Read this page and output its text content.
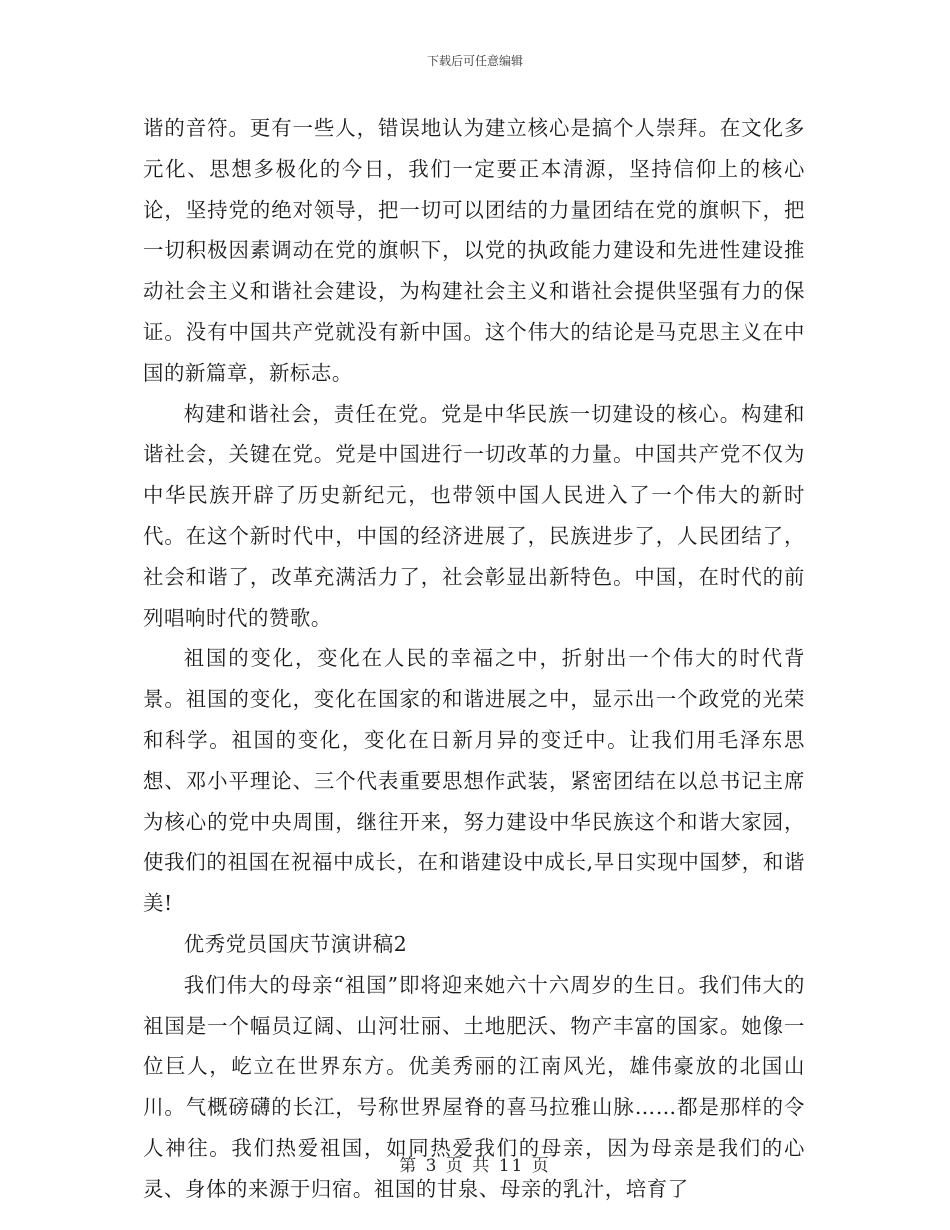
下载后可任意编辑

谐的音符。更有一些人，错误地认为建立核心是搞个人崇拜。在文化多元化、思想多极化的今日，我们一定要正本清源，坚持信仰上的核心论，坚持党的绝对领导，把一切可以团结的力量团结在党的旗帜下，把一切积极因素调动在党的旗帜下，以党的执政能力建设和先进性建设推动社会主义和谐社会建设，为构建社会主义和谐社会提供坚强有力的保证。没有中国共产党就没有新中国。这个伟大的结论是马克思主义在中国的新篇章，新标志。

构建和谐社会，责任在党。党是中华民族一切建设的核心。构建和谐社会，关键在党。党是中国进行一切改革的力量。中国共产党不仅为中华民族开辟了历史新纪元，也带领中国人民进入了一个伟大的新时代。在这个新时代中，中国的经济进展了，民族进步了，人民团结了，社会和谐了，改革充满活力了，社会彰显出新特色。中国，在时代的前列唱响时代的赞歌。

祖国的变化，变化在人民的幸福之中，折射出一个伟大的时代背景。祖国的变化，变化在国家的和谐进展之中，显示出一个政党的光荣和科学。祖国的变化，变化在日新月异的变迁中。让我们用毛泽东思想、邓小平理论、三个代表重要思想作武装，紧密团结在以总书记主席为核心的党中央周围，继往开来，努力建设中华民族这个和谐大家园，使我们的祖国在祝福中成长，在和谐建设中成长,早日实现中国梦，和谐美!

优秀党员国庆节演讲稿2

我们伟大的母亲“祖国”即将迎来她六十六周岁的生日。我们伟大的祖国是一个幅员辽阔、山河壮丽、土地肥沃、物产丰富的国家。她像一位巨人，屹立在世界东方。优美秀丽的江南风光，雄伟豪放的北国山川。气概磅礴的长江，号称世界屋脊的喜马拉雅山脉……都是那样的令人神往。我们热爱祖国，如同热爱我们的母亲，因为母亲是我们的心灵、身体的来源于归宿。祖国的甘泉、母亲的乳汁，培育了

第 3 页 共 11 页
